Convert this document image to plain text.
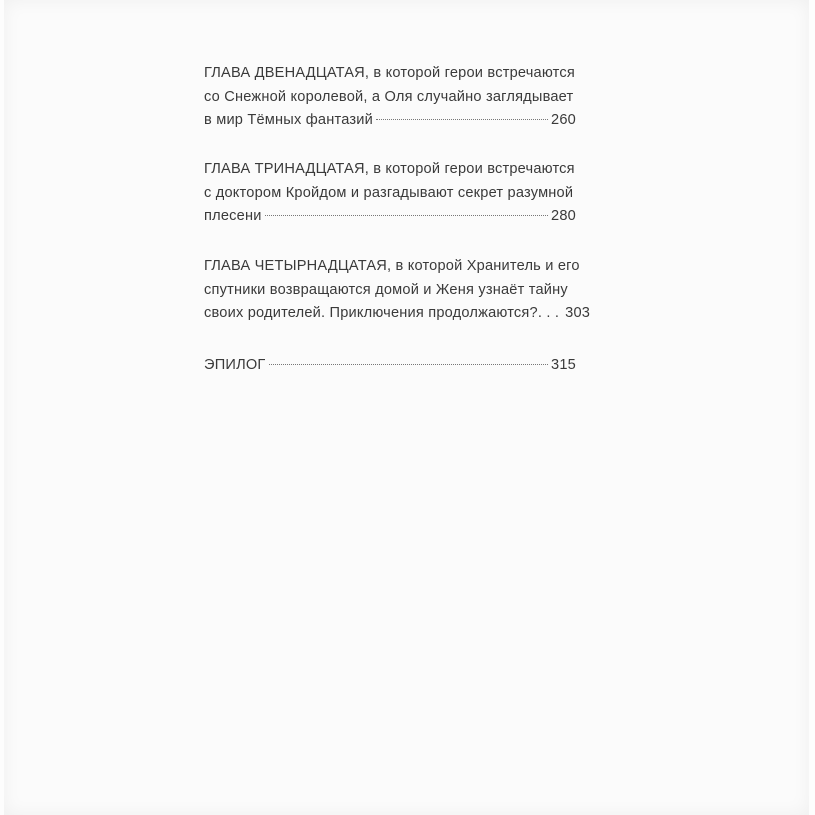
ГЛАВА ДВЕНАДЦАТАЯ, в которой герои встречаются
со Снежной королевой, а Оля случайно заглядывает
в мир Тёмных фантазий	260
ГЛАВА ТРИНАДЦАТАЯ, в которой герои встречаются
с доктором Кройдом и разгадывают секрет разумной
плесени	280
ГЛАВА ЧЕТЫРНАДЦАТАЯ, в которой Хранитель и его
спутники возвращаются домой и Женя узнаёт тайну
своих родителей. Приключения продолжаются?. . . 303
ЭПИЛОГ	315
